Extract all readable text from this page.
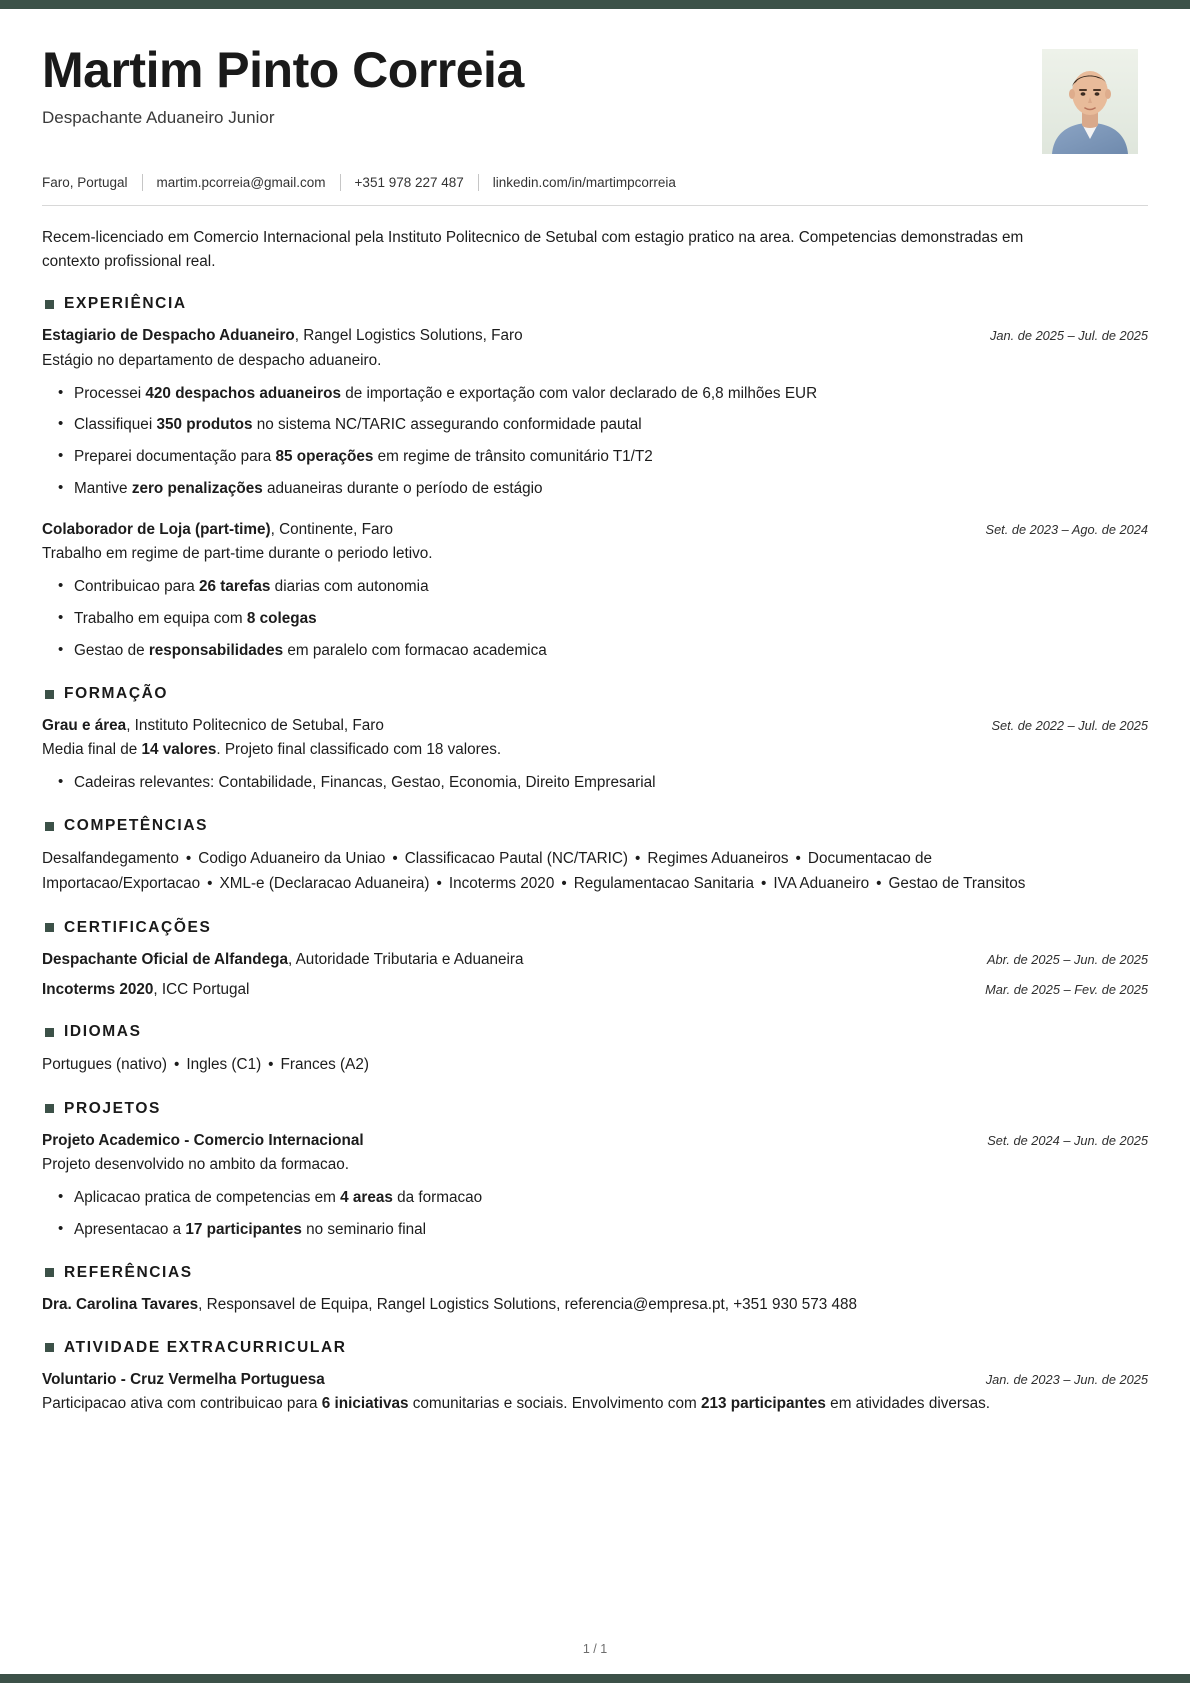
Martim Pinto Correia
Despachante Aduaneiro Junior
Faro, Portugal	martim.pcorreia@gmail.com	+351 978 227 487	linkedin.com/in/martimpcorreia
Recem-licenciado em Comercio Internacional pela Instituto Politecnico de Setubal com estagio pratico na area. Competencias demonstradas em contexto profissional real.
EXPERIÊNCIA
Estagiario de Despacho Aduaneiro, Rangel Logistics Solutions, Faro	Jan. de 2025 – Jul. de 2025
Estágio no departamento de despacho aduaneiro.
• Processei 420 despachos aduaneiros de importação e exportação com valor declarado de 6,8 milhões EUR
• Classifiquei 350 produtos no sistema NC/TARIC assegurando conformidade pautal
• Preparei documentação para 85 operações em regime de trânsito comunitário T1/T2
• Mantive zero penalizações aduaneiras durante o período de estágio
Colaborador de Loja (part-time), Continente, Faro	Set. de 2023 – Ago. de 2024
Trabalho em regime de part-time durante o periodo letivo.
• Contribuicao para 26 tarefas diarias com autonomia
• Trabalho em equipa com 8 colegas
• Gestao de responsabilidades em paralelo com formacao academica
FORMAÇÃO
Grau e área, Instituto Politecnico de Setubal, Faro	Set. de 2022 – Jul. de 2025
Media final de 14 valores. Projeto final classificado com 18 valores.
• Cadeiras relevantes: Contabilidade, Financas, Gestao, Economia, Direito Empresarial
COMPETÊNCIAS
Desalfandegamento • Codigo Aduaneiro da Uniao • Classificacao Pautal (NC/TARIC) • Regimes Aduaneiros • Documentacao de Importacao/Exportacao • XML-e (Declaracao Aduaneira) • Incoterms 2020 • Regulamentacao Sanitaria • IVA Aduaneiro • Gestao de Transitos
CERTIFICAÇÕES
Despachante Oficial de Alfandega, Autoridade Tributaria e Aduaneira	Abr. de 2025 – Jun. de 2025
Incoterms 2020, ICC Portugal	Mar. de 2025 – Fev. de 2025
IDIOMAS
Portugues (nativo) • Ingles (C1) • Frances (A2)
PROJETOS
Projeto Academico - Comercio Internacional	Set. de 2024 – Jun. de 2025
Projeto desenvolvido no ambito da formacao.
• Aplicacao pratica de competencias em 4 areas da formacao
• Apresentacao a 17 participantes no seminario final
REFERÊNCIAS
Dra. Carolina Tavares, Responsavel de Equipa, Rangel Logistics Solutions, referencia@empresa.pt, +351 930 573 488
ATIVIDADE EXTRACURRICULAR
Voluntario - Cruz Vermelha Portuguesa	Jan. de 2023 – Jun. de 2025
Participacao ativa com contribuicao para 6 iniciativas comunitarias e sociais. Envolvimento com 213 participantes em atividades diversas.
1 / 1
